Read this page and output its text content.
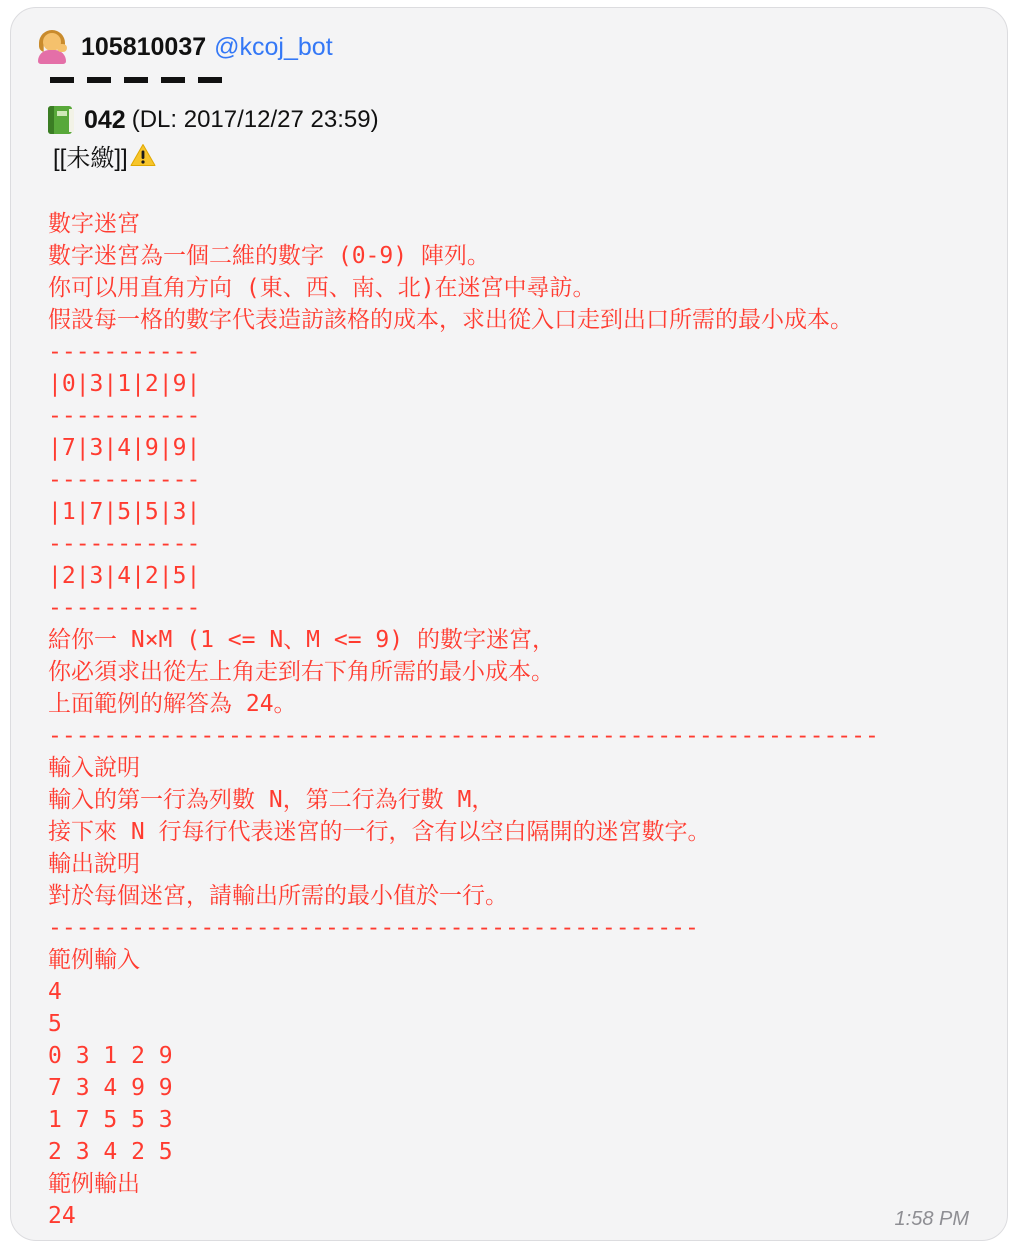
105810037 @kcoj_bot
042 (DL: 2017/12/27 23:59)
[[未繳]]
數字迷宮
數字迷宮為一個二維的數字 (0-9) 陣列。
你可以用直角方向 (東、西、南、北)在迷宮中尋訪。
假設每一格的數字代表造訪該格的成本，求出從入口走到出口所需的最小成本。
-----------
|0|3|1|2|9|
-----------
|7|3|4|9|9|
-----------
|1|7|5|5|3|
-----------
|2|3|4|2|5|
-----------
給你一 N×M (1 <= N、M <= 9) 的數字迷宮，
你必須求出從左上角走到右下角所需的最小成本。
上面範例的解答為 24。
------------------------------------------------------------
輸入說明
輸入的第一行為列數 N，第二行為行數 M，
接下來 N 行每行代表迷宮的一行，含有以空白隔開的迷宮數字。
輸出說明
對於每個迷宮，請輸出所需的最小值於一行。
-----------------------------------------------
範例輸入
4
5
0 3 1 2 9
7 3 4 9 9
1 7 5 5 3
2 3 4 2 5
範例輸出
24	1:58 PM
